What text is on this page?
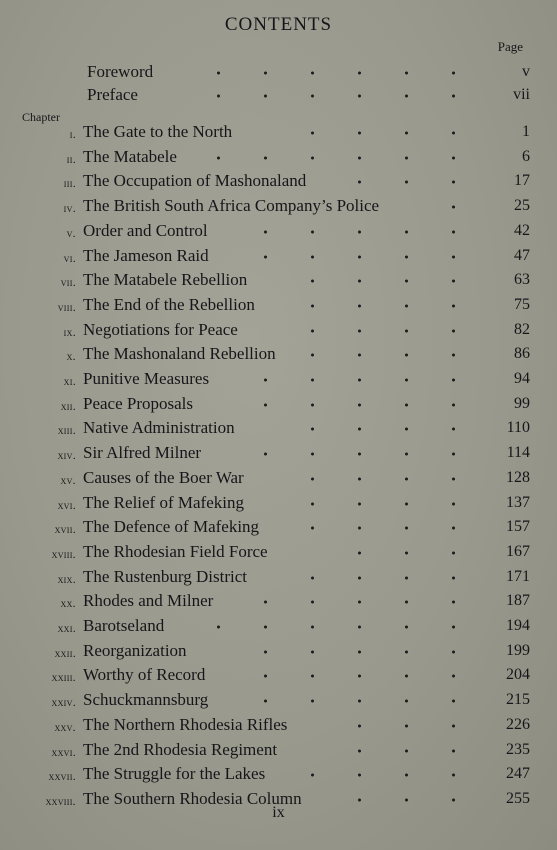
CONTENTS
Page
Foreword	v
Preface	vii
Chapter
i. The Gate to the North	1
ii. The Matabele	6
iii. The Occupation of Mashonaland	17
iv. The British South Africa Company’s Police	25
v. Order and Control	42
vi. The Jameson Raid	47
vii. The Matabele Rebellion	63
viii. The End of the Rebellion	75
ix. Negotiations for Peace	82
x. The Mashonaland Rebellion	86
xi. Punitive Measures	94
xii. Peace Proposals	99
xiii. Native Administration	110
xiv. Sir Alfred Milner	114
xv. Causes of the Boer War	128
xvi. The Relief of Mafeking	137
xvii. The Defence of Mafeking	157
xviii. The Rhodesian Field Force	167
xix. The Rustenburg District	171
xx. Rhodes and Milner	187
xxi. Barotseland	194
xxii. Reorganization	199
xxiii. Worthy of Record	204
xxiv. Schuckmannsburg	215
xxv. The Northern Rhodesia Rifles	226
xxvi. The 2nd Rhodesia Regiment	235
xxvii. The Struggle for the Lakes	247
xxviii. The Southern Rhodesia Column	255
ix
